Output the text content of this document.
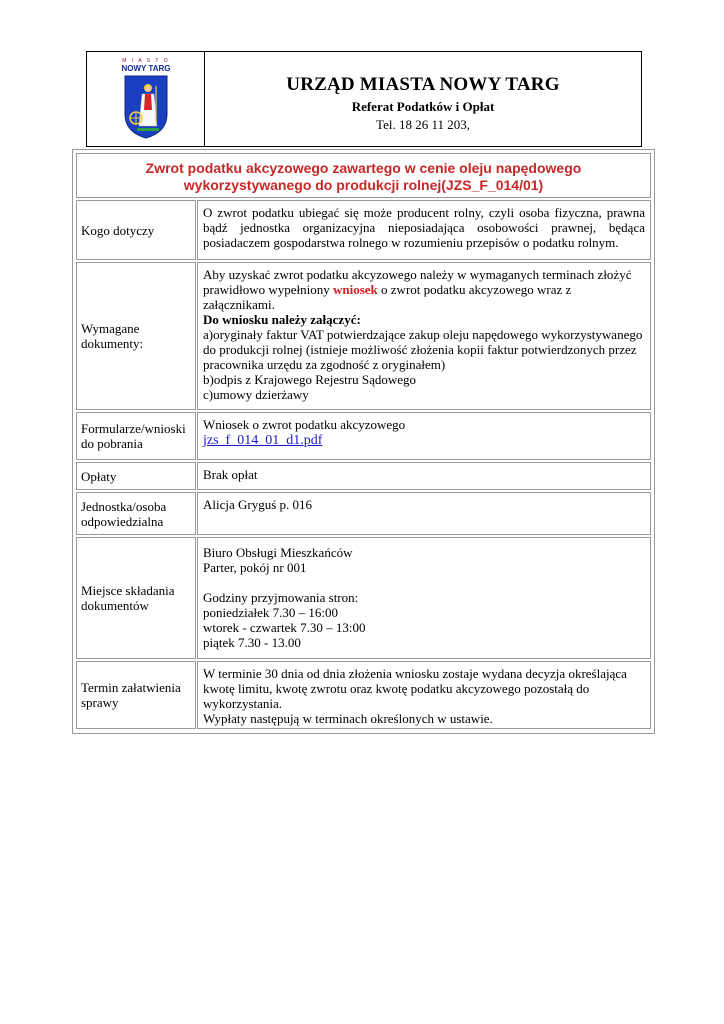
M I A S T O
NOWY TARG
URZĄD MIASTA NOWY TARG
Referat Podatków i Opłat
Tel. 18 26 11 203,
Zwrot podatku akcyzowego zawartego w cenie oleju napędowego
wykorzystywanego do produkcji rolnej(JZS_F_014/01)
Kogo dotyczy
O zwrot podatku ubiegać się może producent rolny, czyli osoba fizyczna, prawna bądź jednostka organizacyjna nieposiadająca osobowości prawnej, będąca posiadaczem gospodarstwa rolnego w rozumieniu przepisów o podatku rolnym.
Wymagane dokumenty:
Aby uzyskać zwrot podatku akcyzowego należy w wymaganych terminach złożyć prawidłowo wypełniony wniosek o zwrot podatku akcyzowego wraz z załącznikami.
Do wniosku należy załączyć:
a)oryginały faktur VAT potwierdzające zakup oleju napędowego wykorzystywanego do produkcji rolnej (istnieje możliwość złożenia kopii faktur potwierdzonych przez pracownika urzędu za zgodność z oryginałem)
b)odpis z Krajowego Rejestru Sądowego
c)umowy dzierżawy
Formularze/wnioski do pobrania
Wniosek o zwrot podatku akcyzowego
jzs_f_014_01_d1.pdf
Opłaty	Brak opłat
Jednostka/osoba odpowiedzialna
Alicja Gryguś p. 016
Miejsce składania dokumentów
Biuro Obsługi Mieszkańców
Parter, pokój nr 001
Godziny przyjmowania stron:
poniedziałek 7.30 – 16:00
wtorek - czwartek 7.30 – 13:00
piątek 7.30 - 13.00
Termin załatwienia sprawy
W terminie 30 dnia od dnia złożenia wniosku zostaje wydana decyzja określająca kwotę limitu, kwotę zwrotu oraz kwotę podatku akcyzowego pozostałą do wykorzystania.
Wypłaty następują w terminach określonych w ustawie.
